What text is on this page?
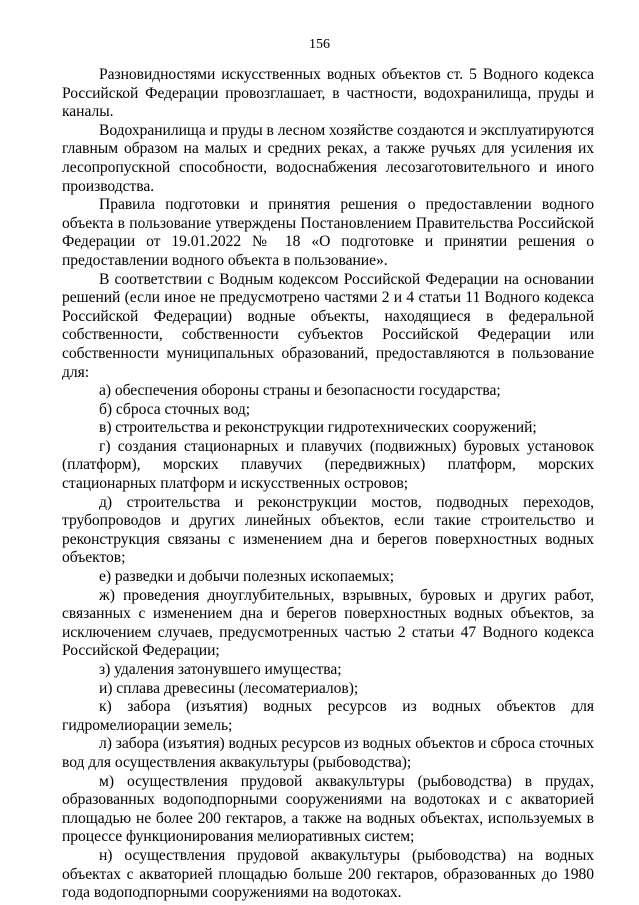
156

Разновидностями искусственных водных объектов ст. 5 Водного кодекса Российской Федерации провозглашает, в частности, водохранилища, пруды и каналы.

Водохранилища и пруды в лесном хозяйстве создаются и эксплуатируются главным образом на малых и средних реках, а также ручьях для усиления их лесопропускной способности, водоснабжения лесозаготовительного и иного производства.

Правила подготовки и принятия решения о предоставлении водного объекта в пользование утверждены Постановлением Правительства Российской Федерации от 19.01.2022 № 18 «О подготовке и принятии решения о предоставлении водного объекта в пользование».

В соответствии с Водным кодексом Российской Федерации на основании решений (если иное не предусмотрено частями 2 и 4 статьи 11 Водного кодекса Российской Федерации) водные объекты, находящиеся в федеральной собственности, собственности субъектов Российской Федерации или собственности муниципальных образований, предоставляются в пользование для:

а) обеспечения обороны страны и безопасности государства;

б) сброса сточных вод;

в) строительства и реконструкции гидротехнических сооружений;

г) создания стационарных и плавучих (подвижных) буровых установок (платформ), морских плавучих (передвижных) платформ, морских стационарных платформ и искусственных островов;

д) строительства и реконструкции мостов, подводных переходов, трубопроводов и других линейных объектов, если такие строительство и реконструкция связаны с изменением дна и берегов поверхностных водных объектов;

е) разведки и добычи полезных ископаемых;

ж) проведения дноуглубительных, взрывных, буровых и других работ, связанных с изменением дна и берегов поверхностных водных объектов, за исключением случаев, предусмотренных частью 2 статьи 47 Водного кодекса Российской Федерации;

з) удаления затонувшего имущества;

и) сплава древесины (лесоматериалов);

к) забора (изъятия) водных ресурсов из водных объектов для гидромелиорации земель;

л) забора (изъятия) водных ресурсов из водных объектов и сброса сточных вод для осуществления аквакультуры (рыбоводства);

м) осуществления прудовой аквакультуры (рыбоводства) в прудах, образованных водоподпорными сооружениями на водотоках и с акваторией площадью не более 200 гектаров, а также на водных объектах, используемых в процессе функционирования мелиоративных систем;

н) осуществления прудовой аквакультуры (рыбоводства) на водных объектах с акваторией площадью больше 200 гектаров, образованных до 1980 года водоподпорными сооружениями на водотоках.
